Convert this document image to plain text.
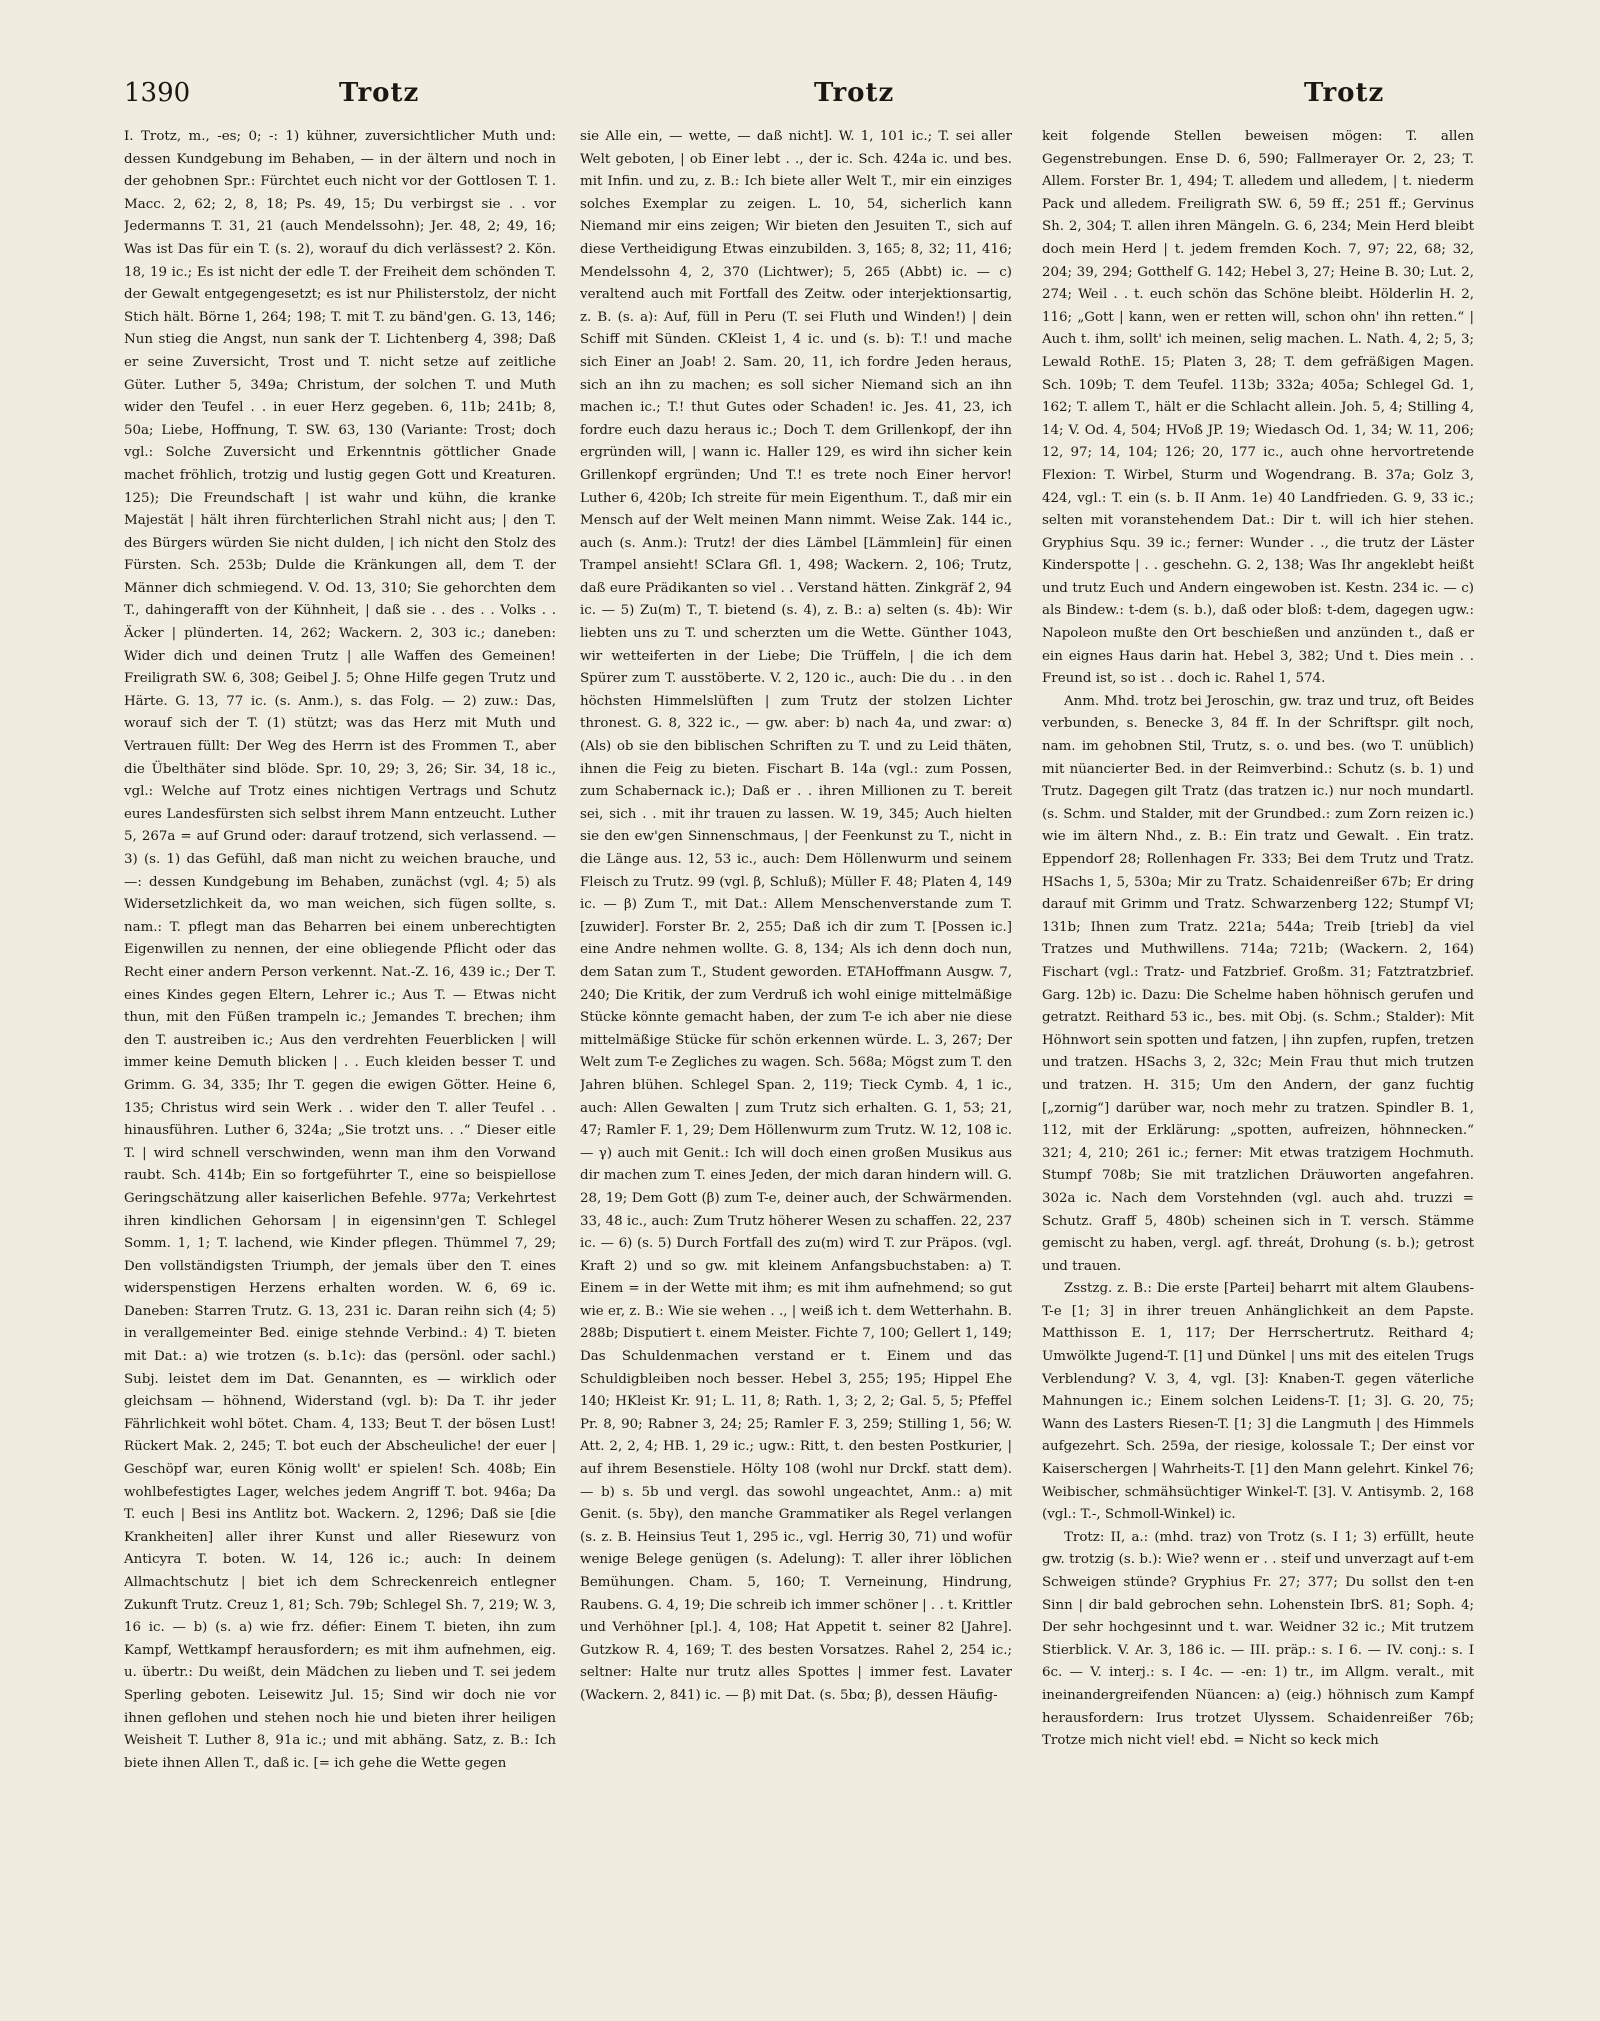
1390	Trotz	Trotz	Trotz

I. Trotz, m., -es; 0; -: 1) kühner, zuversichtlicher Muth und: dessen Kundgebung im Behaben, — in der ältern und noch in der gehobnen Spr.: Fürchtet euch nicht vor der Gottlosen T. 1. Macc. 2, 62; 2, 8, 18; Ps. 49, 15; Du verbirgst sie . . vor Jedermanns T. 31, 21 (auch Mendelssohn); Jer. 48, 2; 49, 16; Was ist Das für ein T. (s. 2), worauf du dich verlässest? 2. Kön. 18, 19 ic.; Es ist nicht der edle T. der Freiheit dem schönden T. der Gewalt entgegengesetzt; es ist nur Philisterstolz, der nicht Stich hält. Börne 1, 264; 198; T. mit T. zu bänd'gen. G. 13, 146; Nun stieg die Angst, nun sank der T. Lichtenberg 4, 398; Daß er seine Zuversicht, Trost und T. nicht setze auf zeitliche Güter. Luther 5, 349a; Christum, der solchen T. und Muth wider den Teufel . . in euer Herz gegeben. 6, 11b; 241b; 8, 50a; Liebe, Hoffnung, T. SW. 63, 130 (Variante: Trost; doch vgl.: Solche Zuversicht und Erkenntnis göttlicher Gnade machet fröhlich, trotzig und lustig gegen Gott und Kreaturen. 125); Die Freundschaft | ist wahr und kühn, die kranke Majestät | hält ihren fürchterlichen Strahl nicht aus; | den T. des Bürgers würden Sie nicht dulden, | ich nicht den Stolz des Fürsten. Sch. 253b; Dulde die Kränkungen all, dem T. der Männer dich schmiegend. V. Od. 13, 310; Sie gehorchten dem T., dahingerafft von der Kühnheit, | daß sie . . des . . Volks . . Äcker | plünderten. 14, 262; Wackern. 2, 303 ic.; daneben: Wider dich und deinen Trutz | alle Waffen des Gemeinen! Freiligrath SW. 6, 308; Geibel J. 5; Ohne Hilfe gegen Trutz und Härte. G. 13, 77 ic. (s. Anm.), s. das Folg. — 2) zuw.: Das, worauf sich der T. (1) stützt; was das Herz mit Muth und Vertrauen füllt: Der Weg des Herrn ist des Frommen T., aber die Übelthäter sind blöde. Spr. 10, 29; 3, 26; Sir. 34, 18 ic., vgl.: Welche auf Trotz eines nichtigen Vertrags und Schutz eures Landesfürsten sich selbst ihrem Mann entzeucht. Luther 5, 267a = auf Grund oder: darauf trotzend, sich verlassend. — 3) (s. 1) das Gefühl, daß man nicht zu weichen brauche, und —: dessen Kundgebung im Behaben, zunächst (vgl. 4; 5) als Widersetzlichkeit da, wo man weichen, sich fügen sollte, s. nam.: T. pflegt man das Beharren bei einem unberechtigten Eigenwillen zu nennen, der eine obliegende Pflicht oder das Recht einer andern Person verkennt. Nat.-Z. 16, 439 ic.; Der T. eines Kindes gegen Eltern, Lehrer ic.; Aus T. — Etwas nicht thun, mit den Füßen trampeln ic.; Jemandes T. brechen; ihm den T. austreiben ic.; Aus den verdrehten Feuerblicken | will immer keine Demuth blicken | . . Euch kleiden besser T. und Grimm. G. 34, 335; Ihr T. gegen die ewigen Götter. Heine 6, 135; Christus wird sein Werk . . wider den T. aller Teufel . . hinausführen. Luther 6, 324a; „Sie trotzt uns. . .“ Dieser eitle T. | wird schnell verschwinden, wenn man ihm den Vorwand raubt. Sch. 414b; Ein so fortgeführter T., eine so beispiellose Geringschätzung aller kaiserlichen Befehle. 977a; Verkehrtest ihren kindlichen Gehorsam | in eigensinn'gen T. Schlegel Somm. 1, 1; T. lachend, wie Kinder pflegen. Thümmel 7, 29; Den vollständigsten Triumph, der jemals über den T. eines widerspenstigen Herzens erhalten worden. W. 6, 69 ic. Daneben: Starren Trutz. G. 13, 231 ic. Daran reihn sich (4; 5) in verallgemeinter Bed. einige stehnde Verbind.: 4) T. bieten mit Dat.: a) wie trotzen (s. b.1c): das (persönl. oder sachl.) Subj. leistet dem im Dat. Genannten, es — wirklich oder gleichsam — höhnend, Widerstand (vgl. b): Da T. ihr jeder Fährlichkeit wohl bötet. Cham. 4, 133; Beut T. der bösen Lust! Rückert Mak. 2, 245; T. bot euch der Abscheuliche! der euer | Geschöpf war, euren König wollt' er spielen! Sch. 408b; Ein wohlbefestigtes Lager, welches jedem Angriff T. bot. 946a; Da T. euch | Besi ins Antlitz bot. Wackern. 2, 1296; Daß sie [die Krankheiten] aller ihrer Kunst und aller Riesewurz von Anticyra T. boten. W. 14, 126 ic.; auch: In deinem Allmachtschutz | biet ich dem Schreckenreich entlegner Zukunft Trutz. Creuz 1, 81; Sch. 79b; Schlegel Sh. 7, 219; W. 3, 16 ic. — b) (s. a) wie frz. défier: Einem T. bieten, ihn zum Kampf, Wettkampf herausfordern; es mit ihm aufnehmen, eig. u. übertr.: Du weißt, dein Mädchen zu lieben und T. sei jedem Sperling geboten. Leisewitz Jul. 15; Sind wir doch nie vor ihnen geflohen und stehen noch hie und bieten ihrer heiligen Weisheit T. Luther 8, 91a ic.; und mit abhäng. Satz, z. B.: Ich biete ihnen Allen T., daß ic. [= ich gehe die Wette gegen

sie Alle ein, — wette, — daß nicht]. W. 1, 101 ic.; T. sei aller Welt geboten, | ob Einer lebt . ., der ic. Sch. 424a ic. und bes. mit Infin. und zu, z. B.: Ich biete aller Welt T., mir ein einziges solches Exemplar zu zeigen. L. 10, 54, sicherlich kann Niemand mir eins zeigen; Wir bieten den Jesuiten T., sich auf diese Vertheidigung Etwas einzubilden. 3, 165; 8, 32; 11, 416; Mendelssohn 4, 2, 370 (Lichtwer); 5, 265 (Abbt) ic. — c) veraltend auch mit Fortfall des Zeitw. oder interjektionsartig, z. B. (s. a): Auf, füll in Peru (T. sei Fluth und Winden!) | dein Schiff mit Sünden. CKleist 1, 4 ic. und (s. b): T.! und mache sich Einer an Joab! 2. Sam. 20, 11, ich fordre Jeden heraus, sich an ihn zu machen; es soll sicher Niemand sich an ihn machen ic.; T.! thut Gutes oder Schaden! ic. Jes. 41, 23, ich fordre euch dazu heraus ic.; Doch T. dem Grillenkopf, der ihn ergründen will, | wann ic. Haller 129, es wird ihn sicher kein Grillenkopf ergründen; Und T.! es trete noch Einer hervor! Luther 6, 420b; Ich streite für mein Eigenthum. T., daß mir ein Mensch auf der Welt meinen Mann nimmt. Weise Zak. 144 ic., auch (s. Anm.): Trutz! der dies Lämbel [Lämmlein] für einen Trampel ansieht! SClara Gfl. 1, 498; Wackern. 2, 106; Trutz, daß eure Prädikanten so viel . . Verstand hätten. Zinkgräf 2, 94 ic. — 5) Zu(m) T., T. bietend (s. 4), z. B.: a) selten (s. 4b): Wir liebten uns zu T. und scherzten um die Wette. Günther 1043, wir wetteiferten in der Liebe; Die Trüffeln, | die ich dem Spürer zum T. ausstöberte. V. 2, 120 ic., auch: Die du . . in den höchsten Himmelslüften | zum Trutz der stolzen Lichter thronest. G. 8, 322 ic., — gw. aber: b) nach 4a, und zwar: α) (Als) ob sie den biblischen Schriften zu T. und zu Leid thäten, ihnen die Feig zu bieten. Fischart B. 14a (vgl.: zum Possen, zum Schabernack ic.); Daß er . . ihren Millionen zu T. bereit sei, sich . . mit ihr trauen zu lassen. W. 19, 345; Auch hielten sie den ew'gen Sinnenschmaus, | der Feenkunst zu T., nicht in die Länge aus. 12, 53 ic., auch: Dem Höllenwurm und seinem Fleisch zu Trutz. 99 (vgl. β, Schluß); Müller F. 48; Platen 4, 149 ic. — β) Zum T., mit Dat.: Allem Menschenverstande zum T. [zuwider]. Forster Br. 2, 255; Daß ich dir zum T. [Possen ic.] eine Andre nehmen wollte. G. 8, 134; Als ich denn doch nun, dem Satan zum T., Student geworden. ETAHoffmann Ausgw. 7, 240; Die Kritik, der zum Verdruß ich wohl einige mittelmäßige Stücke könnte gemacht haben, der zum T-e ich aber nie diese mittelmäßige Stücke für schön erkennen würde. L. 3, 267; Der Welt zum T-e Zegliches zu wagen. Sch. 568a; Mögst zum T. den Jahren blühen. Schlegel Span. 2, 119; Tieck Cymb. 4, 1 ic., auch: Allen Gewalten | zum Trutz sich erhalten. G. 1, 53; 21, 47; Ramler F. 1, 29; Dem Höllenwurm zum Trutz. W. 12, 108 ic. — γ) auch mit Genit.: Ich will doch einen großen Musikus aus dir machen zum T. eines Jeden, der mich daran hindern will. G. 28, 19; Dem Gott (β) zum T-e, deiner auch, der Schwärmenden. 33, 48 ic., auch: Zum Trutz höherer Wesen zu schaffen. 22, 237 ic. — 6) (s. 5) Durch Fortfall des zu(m) wird T. zur Präpos. (vgl. Kraft 2) und so gw. mit kleinem Anfangsbuchstaben: a) T. Einem = in der Wette mit ihm; es mit ihm aufnehmend; so gut wie er, z. B.: Wie sie wehen . ., | weiß ich t. dem Wetterhahn. B. 288b; Disputiert t. einem Meister. Fichte 7, 100; Gellert 1, 149; Das Schuldenmachen verstand er t. Einem und das Schuldigbleiben noch besser. Hebel 3, 255; 195; Hippel Ehe 140; HKleist Kr. 91; L. 11, 8; Rath. 1, 3; 2, 2; Gal. 5, 5; Pfeffel Pr. 8, 90; Rabner 3, 24; 25; Ramler F. 3, 259; Stilling 1, 56; W. Att. 2, 2, 4; HB. 1, 29 ic.; ugw.: Ritt, t. den besten Postkurier, | auf ihrem Besenstiele. Hölty 108 (wohl nur Drckf. statt dem). — b) s. 5b und vergl. das sowohl ungeachtet, Anm.: a) mit Genit. (s. 5bγ), den manche Grammatiker als Regel verlangen (s. z. B. Heinsius Teut 1, 295 ic., vgl. Herrig 30, 71) und wofür wenige Belege genügen (s. Adelung): T. aller ihrer löblichen Bemühungen. Cham. 5, 160; T. Verneinung, Hindrung, Raubens. G. 4, 19; Die schreib ich immer schöner | . . t. Krittler und Verhöhner [pl.]. 4, 108; Hat Appetit t. seiner 82 [Jahre]. Gutzkow R. 4, 169; T. des besten Vorsatzes. Rahel 2, 254 ic.; seltner: Halte nur trutz alles Spottes | immer fest. Lavater (Wackern. 2, 841) ic. — β) mit Dat. (s. 5bα; β), dessen Häufig-

keit folgende Stellen beweisen mögen: T. allen Gegenstrebungen. Ense D. 6, 590; Fallmerayer Or. 2, 23; T. Allem. Forster Br. 1, 494; T. alledem und alledem, | t. niederm Pack und alledem. Freiligrath SW. 6, 59 ff.; 251 ff.; Gervinus Sh. 2, 304; T. allen ihren Mängeln. G. 6, 234; Mein Herd bleibt doch mein Herd | t. jedem fremden Koch. 7, 97; 22, 68; 32, 204; 39, 294; Gotthelf G. 142; Hebel 3, 27; Heine B. 30; Lut. 2, 274; Weil . . t. euch schön das Schöne bleibt. Hölderlin H. 2, 116; „Gott | kann, wen er retten will, schon ohn' ihn retten.“ | Auch t. ihm, sollt' ich meinen, selig machen. L. Nath. 4, 2; 5, 3; Lewald RothE. 15; Platen 3, 28; T. dem gefräßigen Magen. Sch. 109b; T. dem Teufel. 113b; 332a; 405a; Schlegel Gd. 1, 162; T. allem T., hält er die Schlacht allein. Joh. 5, 4; Stilling 4, 14; V. Od. 4, 504; HVoß JP. 19; Wiedasch Od. 1, 34; W. 11, 206; 12, 97; 14, 104; 126; 20, 177 ic., auch ohne hervortretende Flexion: T. Wirbel, Sturm und Wogendrang. B. 37a; Golz 3, 424, vgl.: T. ein (s. b. II Anm. 1e) 40 Landfrieden. G. 9, 33 ic.; selten mit voranstehendem Dat.: Dir t. will ich hier stehen. Gryphius Squ. 39 ic.; ferner: Wunder . ., die trutz der Läster Kinderspotte | . . geschehn. G. 2, 138; Was Ihr angeklebt heißt und trutz Euch und Andern eingewoben ist. Kestn. 234 ic. — c) als Bindew.: t-dem (s. b.), daß oder bloß: t-dem, dagegen ugw.: Napoleon mußte den Ort beschießen und anzünden t., daß er ein eignes Haus darin hat. Hebel 3, 382; Und t. Dies mein . . Freund ist, so ist . . doch ic. Rahel 1, 574.

Anm. Mhd. trotz bei Jeroschin, gw. traz und truz, oft Beides verbunden, s. Benecke 3, 84 ff. In der Schriftspr. gilt noch, nam. im gehobnen Stil, Trutz, s. o. und bes. (wo T. unüblich) mit nüancierter Bed. in der Reimverbind.: Schutz (s. b. 1) und Trutz. Dagegen gilt Tratz (das tratzen ic.) nur noch mundartl. (s. Schm. und Stalder, mit der Grundbed.: zum Zorn reizen ic.) wie im ältern Nhd., z. B.: Ein tratz und Gewalt. . Ein tratz. Eppendorf 28; Rollenhagen Fr. 333; Bei dem Trutz und Tratz. HSachs 1, 5, 530a; Mir zu Tratz. Schaidenreißer 67b; Er dring darauf mit Grimm und Tratz. Schwarzenberg 122; Stumpf VI; 131b; Ihnen zum Tratz. 221a; 544a; Treib [trieb] da viel Tratzes und Muthwillens. 714a; 721b; (Wackern. 2, 164) Fischart (vgl.: Tratz- und Fatzbrief. Großm. 31; Fatztratzbrief. Garg. 12b) ic. Dazu: Die Schelme haben höhnisch gerufen und getratzt. Reithard 53 ic., bes. mit Obj. (s. Schm.; Stalder): Mit Höhnwort sein spotten und fatzen, | ihn zupfen, rupfen, tretzen und tratzen. HSachs 3, 2, 32c; Mein Frau thut mich trutzen und tratzen. H. 315; Um den Andern, der ganz fuchtig [„zornig“] darüber war, noch mehr zu tratzen. Spindler B. 1, 112, mit der Erklärung: „spotten, aufreizen, höhnnecken.“ 321; 4, 210; 261 ic.; ferner: Mit etwas tratzigem Hochmuth. Stumpf 708b; Sie mit tratzlichen Dräuworten angefahren. 302a ic. Nach dem Vorstehnden (vgl. auch ahd. truzzi = Schutz. Graff 5, 480b) scheinen sich in T. versch. Stämme gemischt zu haben, vergl. agf. threát, Drohung (s. b.); getrost und trauen.

Zsstzg. z. B.: Die erste [Partei] beharrt mit altem Glaubens-T-e [1; 3] in ihrer treuen Anhänglichkeit an dem Papste. Matthisson E. 1, 117; Der Herrschertrutz. Reithard 4; Umwölkte Jugend-T. [1] und Dünkel | uns mit des eitelen Trugs Verblendung? V. 3, 4, vgl. [3]: Knaben-T. gegen väterliche Mahnungen ic.; Einem solchen Leidens-T. [1; 3]. G. 20, 75; Wann des Lasters Riesen-T. [1; 3] die Langmuth | des Himmels aufgezehrt. Sch. 259a, der riesige, kolossale T.; Der einst vor Kaiserschergen | Wahrheits-T. [1] den Mann gelehrt. Kinkel 76; Weibischer, schmähsüchtiger Winkel-T. [3]. V. Antisymb. 2, 168 (vgl.: T.-, Schmoll-Winkel) ic.

Trotz: II, a.: (mhd. traz) von Trotz (s. I 1; 3) erfüllt, heute gw. trotzig (s. b.): Wie? wenn er . . steif und unverzagt auf t-em Schweigen stünde? Gryphius Fr. 27; 377; Du sollst den t-en Sinn | dir bald gebrochen sehn. Lohenstein IbrS. 81; Soph. 4; Der sehr hochgesinnt und t. war. Weidner 32 ic.; Mit trutzem Stierblick. V. Ar. 3, 186 ic. — III. präp.: s. I 6. — IV. conj.: s. I 6c. — V. interj.: s. I 4c. — -en: 1) tr., im Allgm. veralt., mit ineinandergreifenden Nüancen: a) (eig.) höhnisch zum Kampf herausfordern: Irus trotzet Ulyssem. Schaidenreißer 76b; Trotze mich nicht viel! ebd. = Nicht so keck mich
